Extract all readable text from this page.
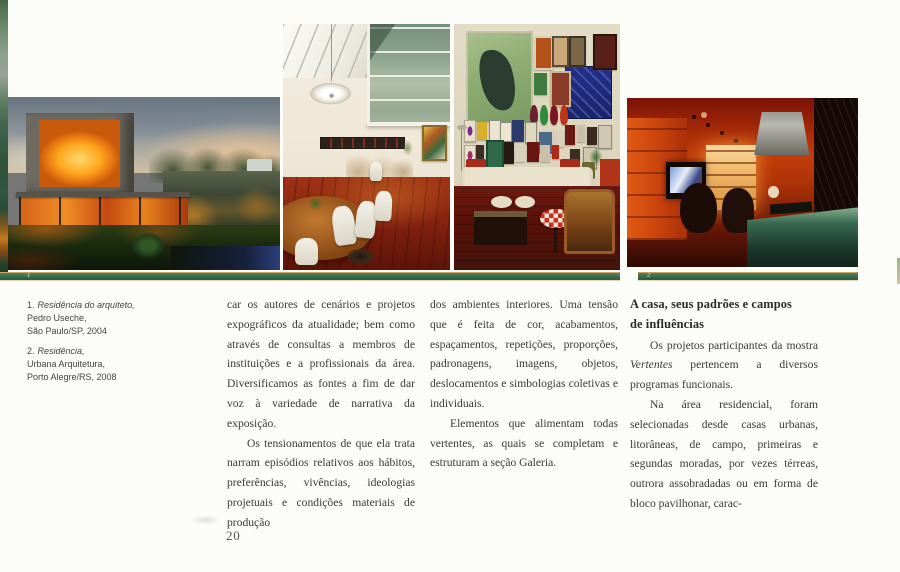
1	2

1. Residência do arquiteto,
Pedro Useche,
São Paulo/SP, 2004

2. Residência,
Urbana Arquitetura,
Porto Alegre/RS, 2008

car os autores de cenários e projetos expográficos da atualidade; bem como através de consultas a membros de instituições e a profissionais da área. Diversificamos as fontes a fim de dar voz à variedade de narrativa da exposição.

Os tensionamentos de que ela trata narram episódios relativos aos hábitos, preferências, vivências, ideologias projetuais e condições materiais de produção

dos ambientes interiores. Uma tensão que é feita de cor, acabamentos, espaçamentos, repetições, proporções, padronagens, imagens, objetos, deslocamentos e simbologias coletivas e individuais.

Elementos que alimentam todas vertentes, as quais se completam e estruturam a seção Galeria.

A casa, seus padrões e campos de influências

Os projetos participantes da mostra Vertentes pertencem a diversos programas funcionais.

Na área residencial, foram selecionadas desde casas urbanas, litorâneas, de campo, primeiras e segundas moradas, por vezes térreas, outrora assobradadas ou em forma de bloco pavilhonar, carac-

20
